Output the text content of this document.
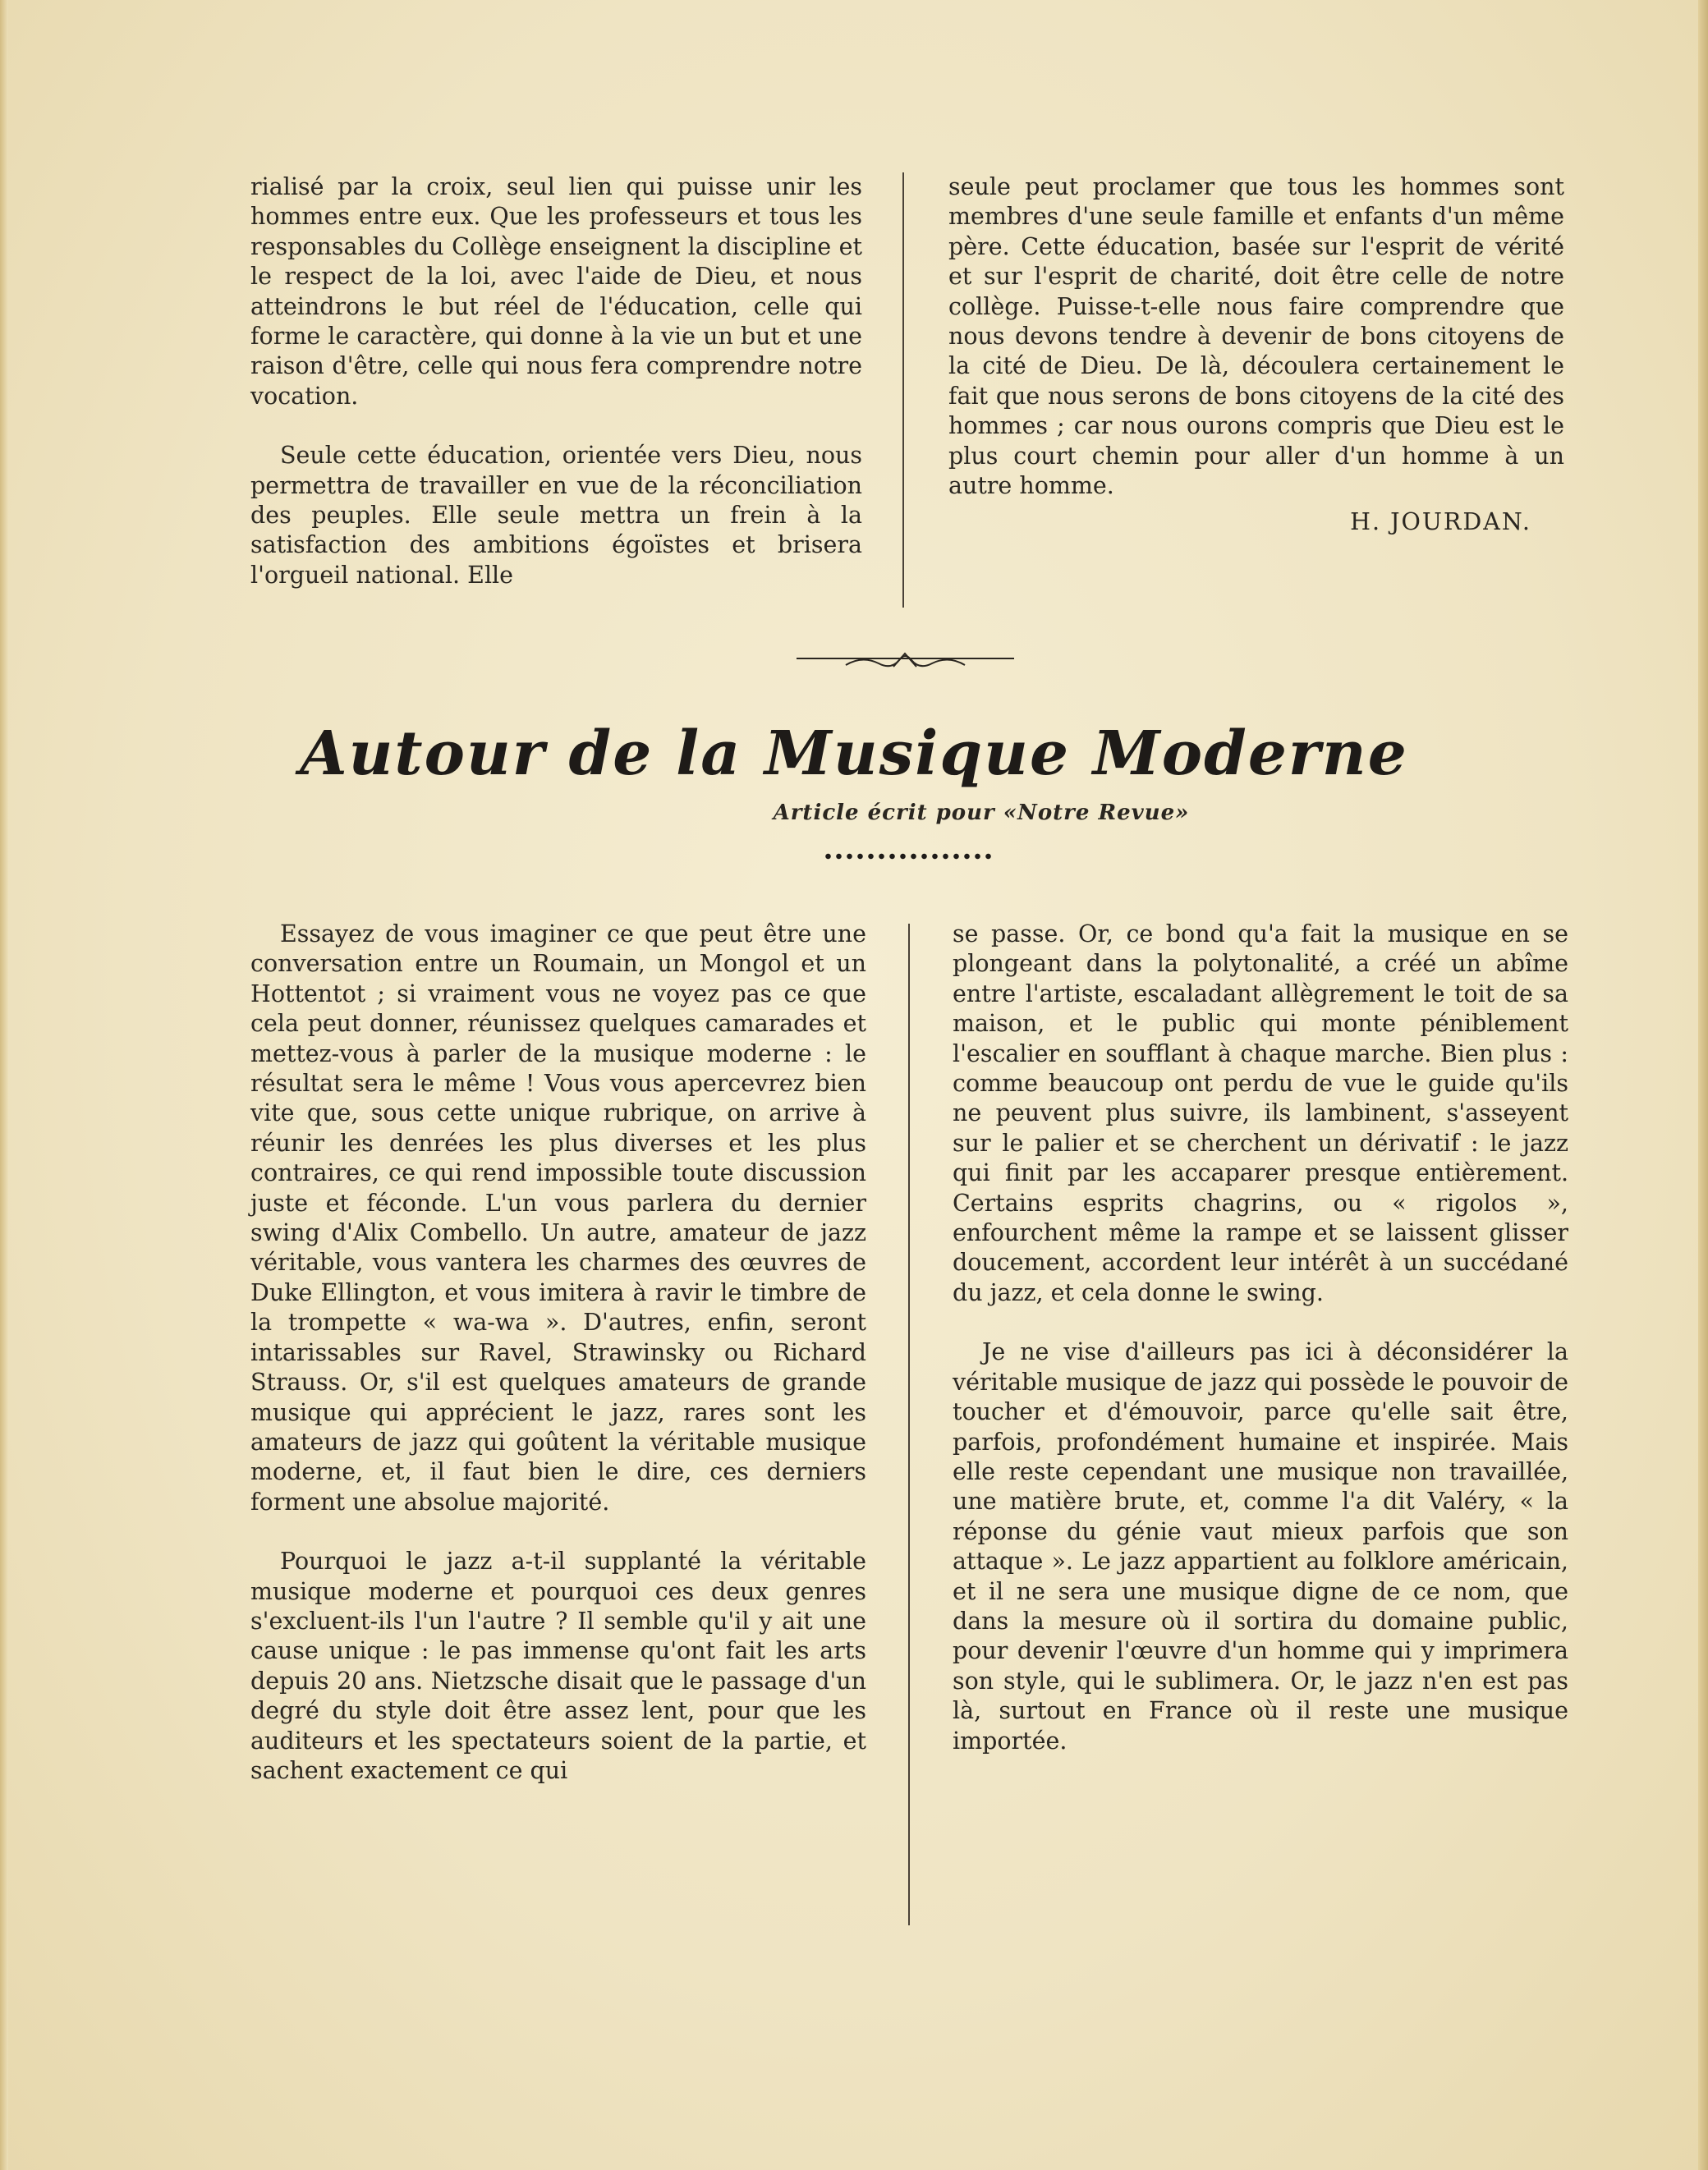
rialisé par la croix, seul lien qui puisse unir les hommes entre eux. Que les professeurs et tous les responsables du Collège enseignent la discipline et le respect de la loi, avec l'aide de Dieu, et nous atteindrons le but réel de l'éducation, celle qui forme le caractère, qui donne à la vie un but et une raison d'être, celle qui nous fera comprendre notre vocation.

Seule cette éducation, orientée vers Dieu, nous permettra de travailler en vue de la réconciliation des peuples. Elle seule mettra un frein à la satisfaction des ambitions égoïstes et brisera l'orgueil national. Elle

seule peut proclamer que tous les hommes sont membres d'une seule famille et enfants d'un même père. Cette éducation, basée sur l'esprit de vérité et sur l'esprit de charité, doit être celle de notre collège. Puisse-t-elle nous faire comprendre que nous devons tendre à devenir de bons citoyens de la cité de Dieu. De là, découlera certainement le fait que nous serons de bons citoyens de la cité des hommes ; car nous ourons compris que Dieu est le plus court chemin pour aller d'un homme à un autre homme.

H. JOURDAN.
Autour de la Musique Moderne
Article écrit pour «Notre Revue»

Essayez de vous imaginer ce que peut être une conversation entre un Roumain, un Mongol et un Hottentot ; si vraiment vous ne voyez pas ce que cela peut donner, réunissez quelques camarades et mettez-vous à parler de la musique moderne : le résultat sera le même ! Vous vous apercevrez bien vite que, sous cette unique rubrique, on arrive à réunir les denrées les plus diverses et les plus contraires, ce qui rend impossible toute discussion juste et féconde. L'un vous parlera du dernier swing d'Alix Combello. Un autre, amateur de jazz véritable, vous vantera les charmes des œuvres de Duke Ellington, et vous imitera à ravir le timbre de la trompette « wa-wa ». D'autres, enfin, seront intarissables sur Ravel, Strawinsky ou Richard Strauss. Or, s'il est quelques amateurs de grande musique qui apprécient le jazz, rares sont les amateurs de jazz qui goûtent la véritable musique moderne, et, il faut bien le dire, ces derniers forment une absolue majorité.

Pourquoi le jazz a-t-il supplanté la véritable musique moderne et pourquoi ces deux genres s'excluent-ils l'un l'autre ? Il semble qu'il y ait une cause unique : le pas immense qu'ont fait les arts depuis 20 ans. Nietzsche disait que le passage d'un degré du style doit être assez lent, pour que les auditeurs et les spectateurs soient de la partie, et sachent exactement ce qui

se passe. Or, ce bond qu'a fait la musique en se plongeant dans la polytonalité, a créé un abîme entre l'artiste, escaladant allègrement le toit de sa maison, et le public qui monte péniblement l'escalier en soufflant à chaque marche. Bien plus : comme beaucoup ont perdu de vue le guide qu'ils ne peuvent plus suivre, ils lambinent, s'asseyent sur le palier et se cherchent un dérivatif : le jazz qui finit par les accaparer presque entièrement. Certains esprits chagrins, ou « rigolos », enfourchent même la rampe et se laissent glisser doucement, accordent leur intérêt à un succédané du jazz, et cela donne le swing.

Je ne vise d'ailleurs pas ici à déconsidérer la véritable musique de jazz qui possède le pouvoir de toucher et d'émouvoir, parce qu'elle sait être, parfois, profondément humaine et inspirée. Mais elle reste cependant une musique non travaillée, une matière brute, et, comme l'a dit Valéry, « la réponse du génie vaut mieux parfois que son attaque ». Le jazz appartient au folklore américain, et il ne sera une musique digne de ce nom, que dans la mesure où il sortira du domaine public, pour devenir l'œuvre d'un homme qui y imprimera son style, qui le sublimera. Or, le jazz n'en est pas là, surtout en France où il reste une musique importée.
